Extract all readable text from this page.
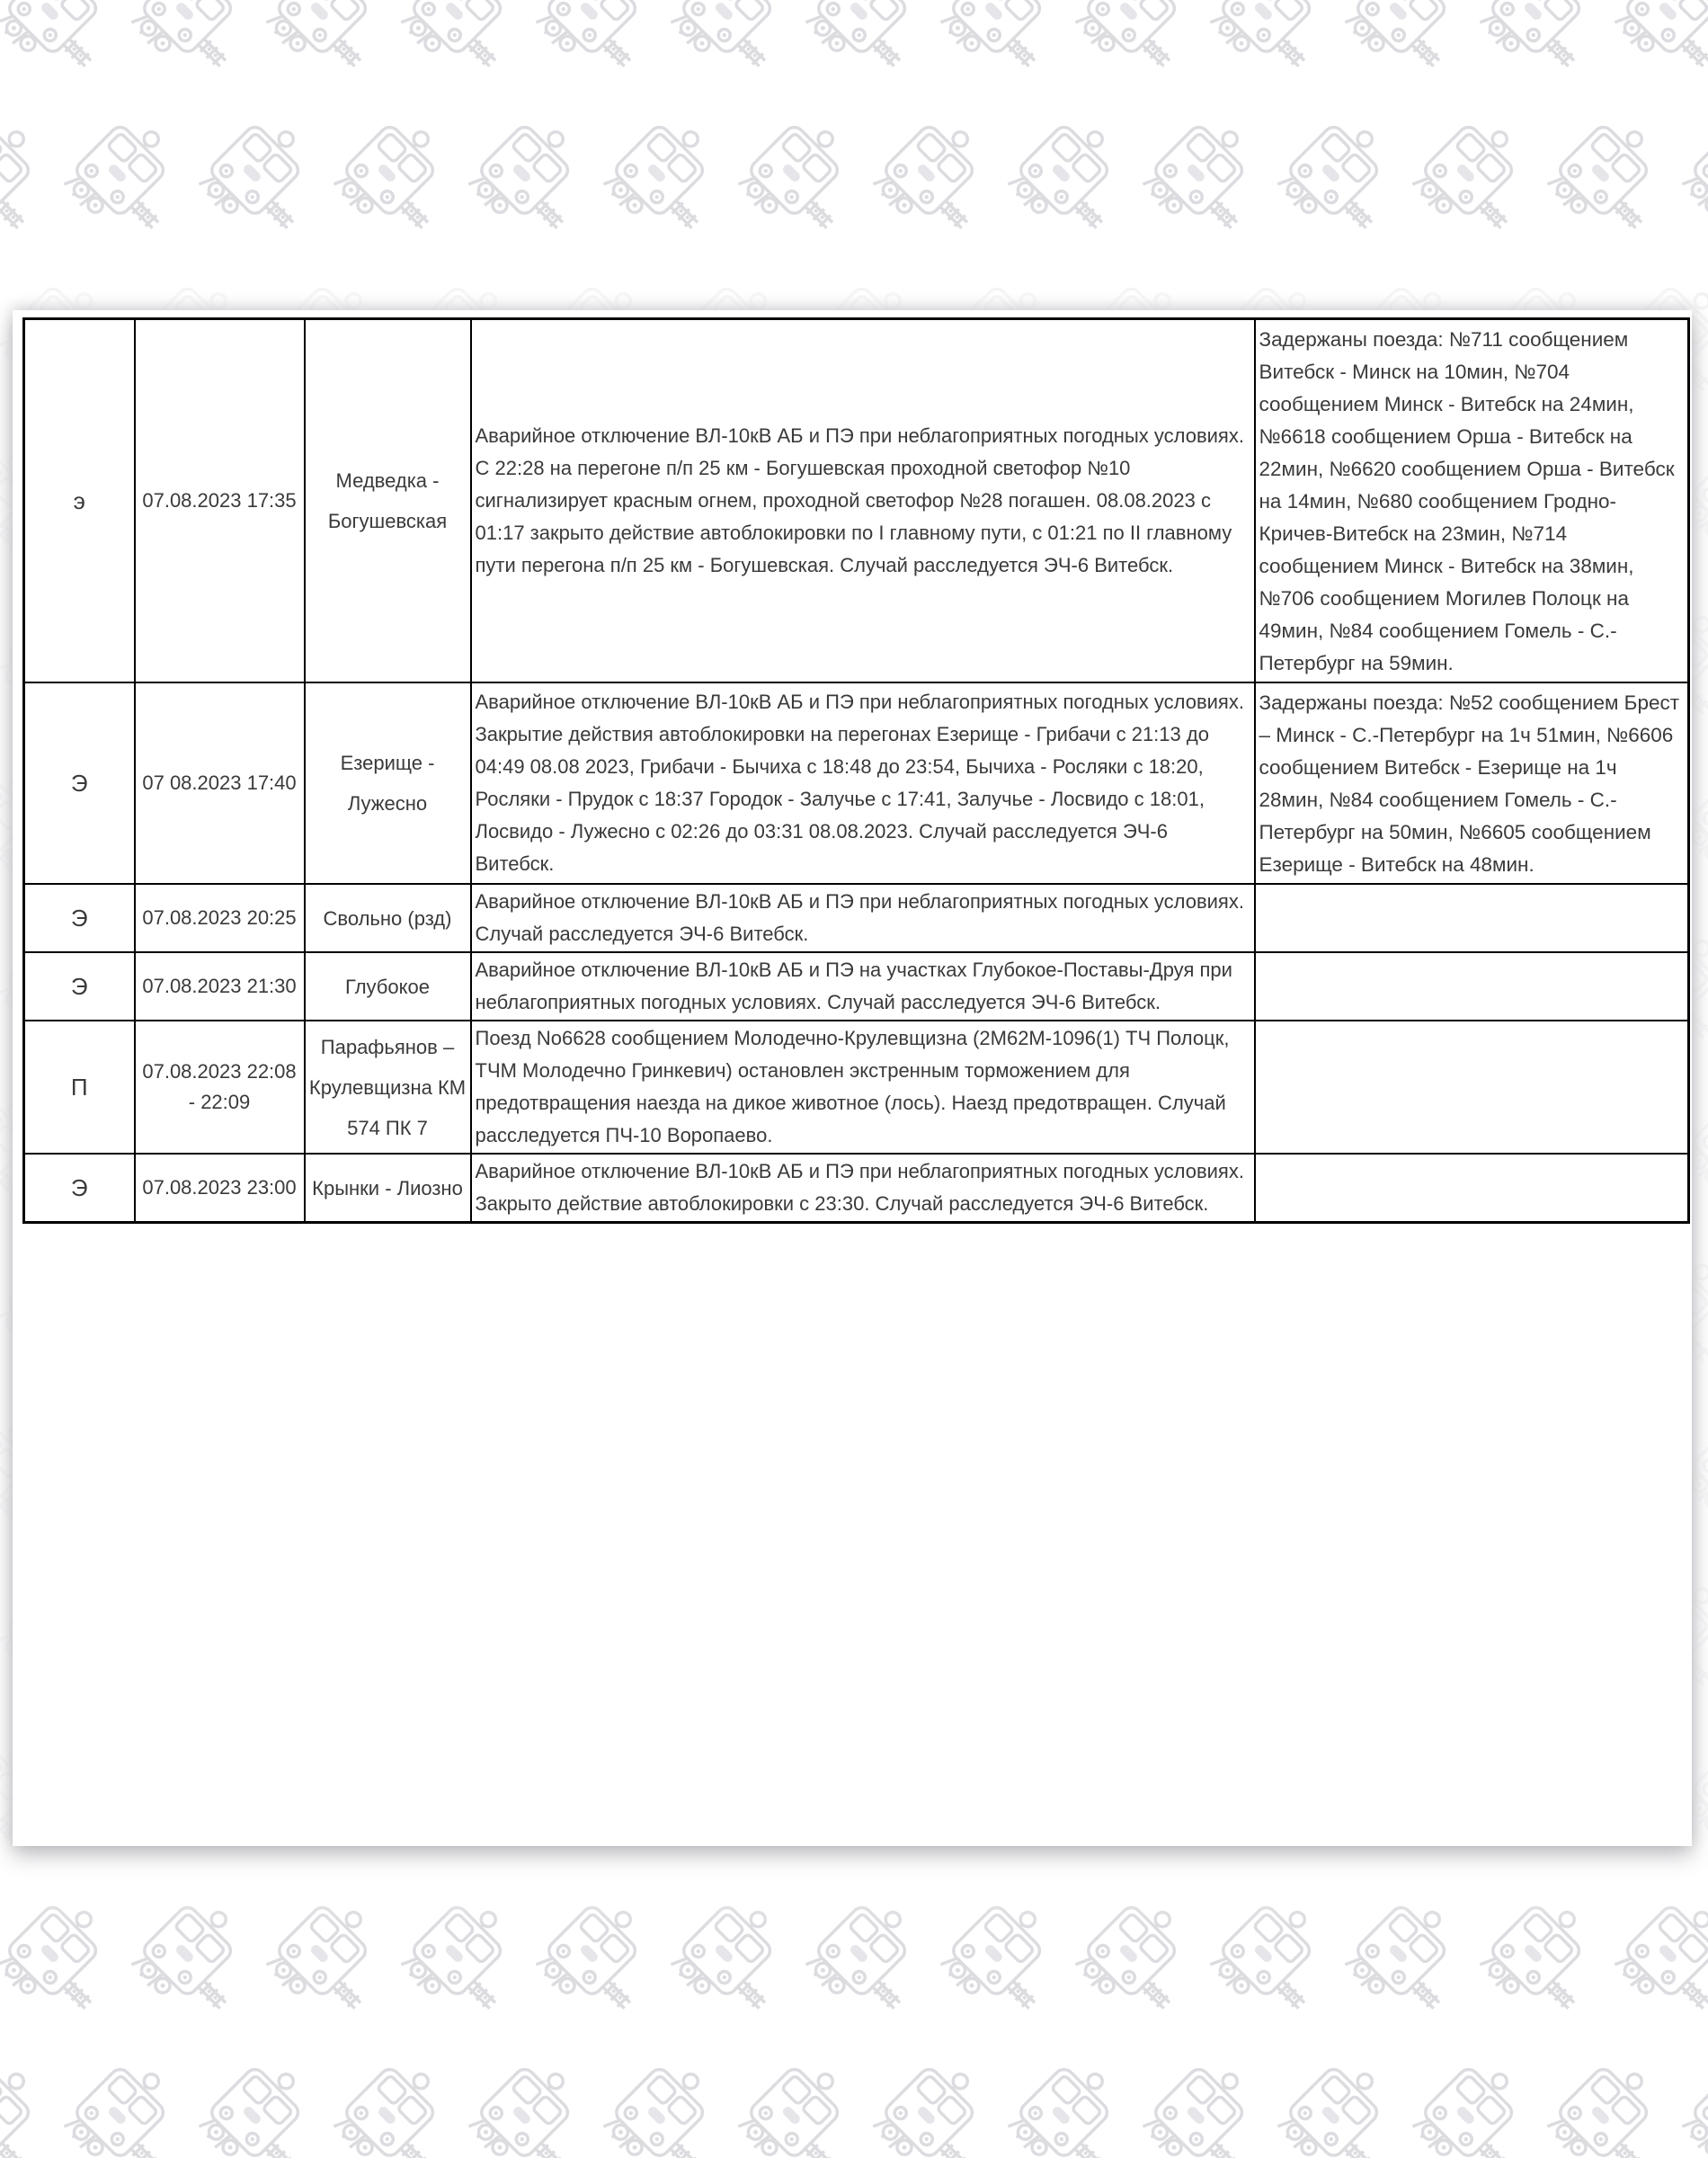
э	07.08.2023 17:35	Медведка - Богушевская	Аварийное отключение ВЛ-10кВ АБ и ПЭ при неблагоприятных погодных условиях. С 22:28 на перегоне п/п 25 км - Богушевская проходной светофор №10 сигнализирует красным огнем, проходной светофор №28 погашен. 08.08.2023 с 01:17 закрыто действие автоблокировки по I главному пути, с 01:21 по II главному пути перегона п/п 25 км - Богушевская. Случай расследуется ЭЧ-6 Витебск.	Задержаны поезда: №711 сообщением Витебск - Минск на 10мин, №704 сообщением Минск - Витебск на 24мин, №6618 сообщением Орша - Витебск на 22мин, №6620 сообщением Орша - Витебск на 14мин, №680 сообщением Гродно-Кричев-Витебск на 23мин, №714 сообщением Минск - Витебск на 38мин, №706 сообщением Могилев Полоцк на 49мин, №84 сообщением Гомель - С.-Петербург на 59мин.
Э	07 08.2023 17:40	Езерище - Лужесно	Аварийное отключение ВЛ-10кВ АБ и ПЭ при неблагоприятных погодных условиях. Закрытие действия автоблокировки на перегонах Езерище - Грибачи с 21:13 до 04:49 08.08 2023, Грибачи - Бычиха с 18:48 до 23:54, Бычиха - Росляки с 18:20, Росляки - Прудок с 18:37 Городок - Залучье с 17:41, Залучье - Лосвидо с 18:01, Лосвидо - Лужесно с 02:26 до 03:31 08.08.2023. Случай расследуется ЭЧ-6 Витебск.	Задержаны поезда: №52 сообщением Брест – Минск - С.-Петербург на 1ч 51мин, №6606 сообщением Витебск - Езерище на 1ч 28мин, №84 сообщением Гомель - С.-Петербург на 50мин, №6605 сообщением Езерище - Витебск на 48мин.
Э	07.08.2023 20:25	Свольно (рзд)	Аварийное отключение ВЛ-10кВ АБ и ПЭ при неблагоприятных погодных условиях. Случай расследуется ЭЧ-6 Витебск.	
Э	07.08.2023 21:30	Глубокое	Аварийное отключение ВЛ-10кВ АБ и ПЭ на участках Глубокое-Поставы-Друя при неблагоприятных погодных условиях. Случай расследуется ЭЧ-6 Витебск.	
П	07.08.2023 22:08 - 22:09	Парафьянов – Крулевщизна КМ 574 ПК 7	Поезд No6628 сообщением Молодечно-Крулевщизна (2М62М-1096(1) ТЧ Полоцк, ТЧМ Молодечно Гринкевич) остановлен экстренным торможением для предотвращения наезда на дикое животное (лось). Наезд предотвращен. Случай расследуется ПЧ-10 Воропаево.	
Э	07.08.2023 23:00	Крынки - Лиозно	Аварийное отключение ВЛ-10кВ АБ и ПЭ при неблагоприятных погодных условиях. Закрыто действие автоблокировки с 23:30. Случай расследуется ЭЧ-6 Витебск.	
